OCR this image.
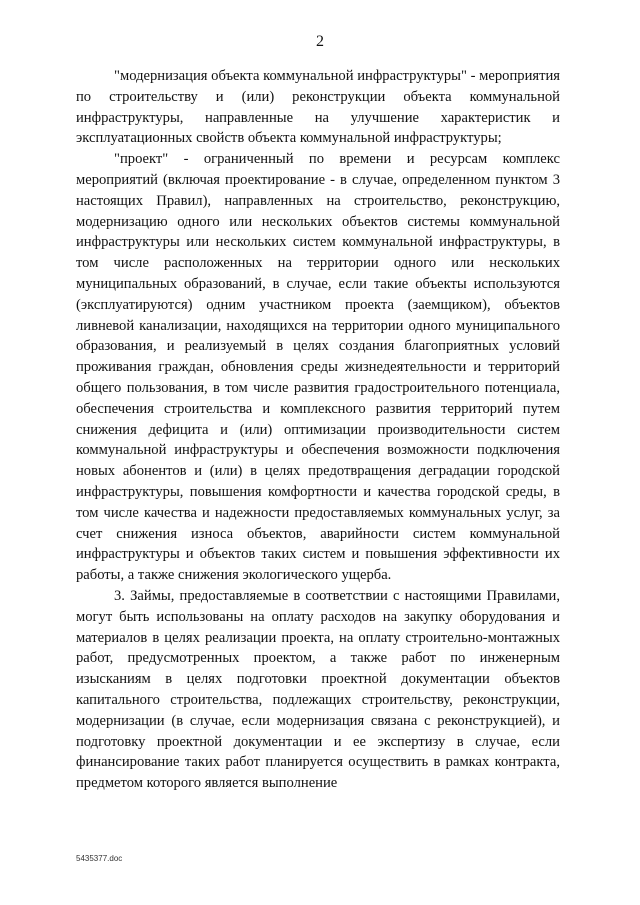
2

"модернизация объекта коммунальной инфраструктуры" - мероприятия по строительству и (или) реконструкции объекта коммунальной инфраструктуры, направленные на улучшение характеристик и эксплуатационных свойств объекта коммунальной инфраструктуры;

"проект" - ограниченный по времени и ресурсам комплекс мероприятий (включая проектирование - в случае, определенном пунктом 3 настоящих Правил), направленных на строительство, реконструкцию, модернизацию одного или нескольких объектов системы коммунальной инфраструктуры или нескольких систем коммунальной инфраструктуры, в том числе расположенных на территории одного или нескольких муниципальных образований, в случае, если такие объекты используются (эксплуатируются) одним участником проекта (заемщиком), объектов ливневой канализации, находящихся на территории одного муниципального образования, и реализуемый в целях создания благоприятных условий проживания граждан, обновления среды жизнедеятельности и территорий общего пользования, в том числе развития градостроительного потенциала, обеспечения строительства и комплексного развития территорий путем снижения дефицита и (или) оптимизации производительности систем коммунальной инфраструктуры и обеспечения возможности подключения новых абонентов и (или) в целях предотвращения деградации городской инфраструктуры, повышения комфортности и качества городской среды, в том числе качества и надежности предоставляемых коммунальных услуг, за счет снижения износа объектов, аварийности систем коммунальной инфраструктуры и объектов таких систем и повышения эффективности их работы, а также снижения экологического ущерба.

3. Займы, предоставляемые в соответствии с настоящими Правилами, могут быть использованы на оплату расходов на закупку оборудования и материалов в целях реализации проекта, на оплату строительно-монтажных работ, предусмотренных проектом, а также работ по инженерным изысканиям в целях подготовки проектной документации объектов капитального строительства, подлежащих строительству, реконструкции, модернизации (в случае, если модернизация связана с реконструкцией), и подготовку проектной документации и ее экспертизу в случае, если финансирование таких работ планируется осуществить в рамках контракта, предметом которого является выполнение

5435377.doc
